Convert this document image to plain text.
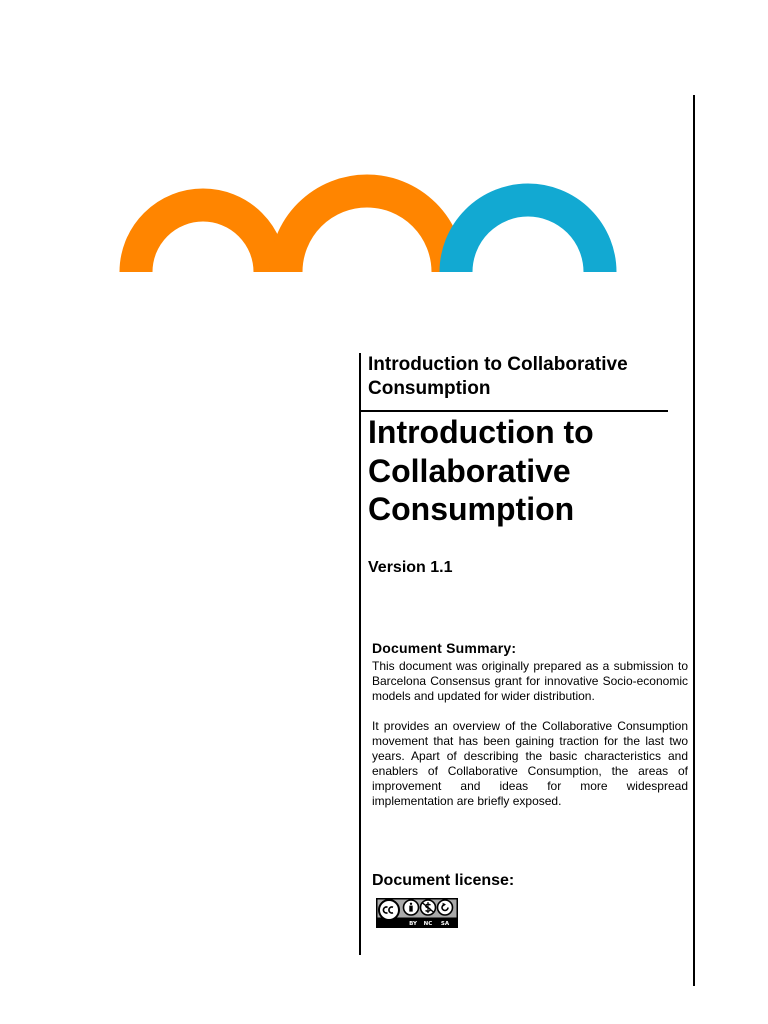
Introduction to Collaborative Consumption
Introduction to
Collaborative
Consumption

Version 1.1

Document Summary:

This document was originally prepared as a submission to Barcelona Consensus grant for innovative Socio-economic models and updated for wider distribution.

It provides an overview of the Collaborative Consumption movement that has been gaining traction for the last two years. Apart of describing the basic characteristics and enablers of Collaborative Consumption, the areas of improvement and ideas for more widespread implementation are briefly exposed.

Document license:
BY NC SA
